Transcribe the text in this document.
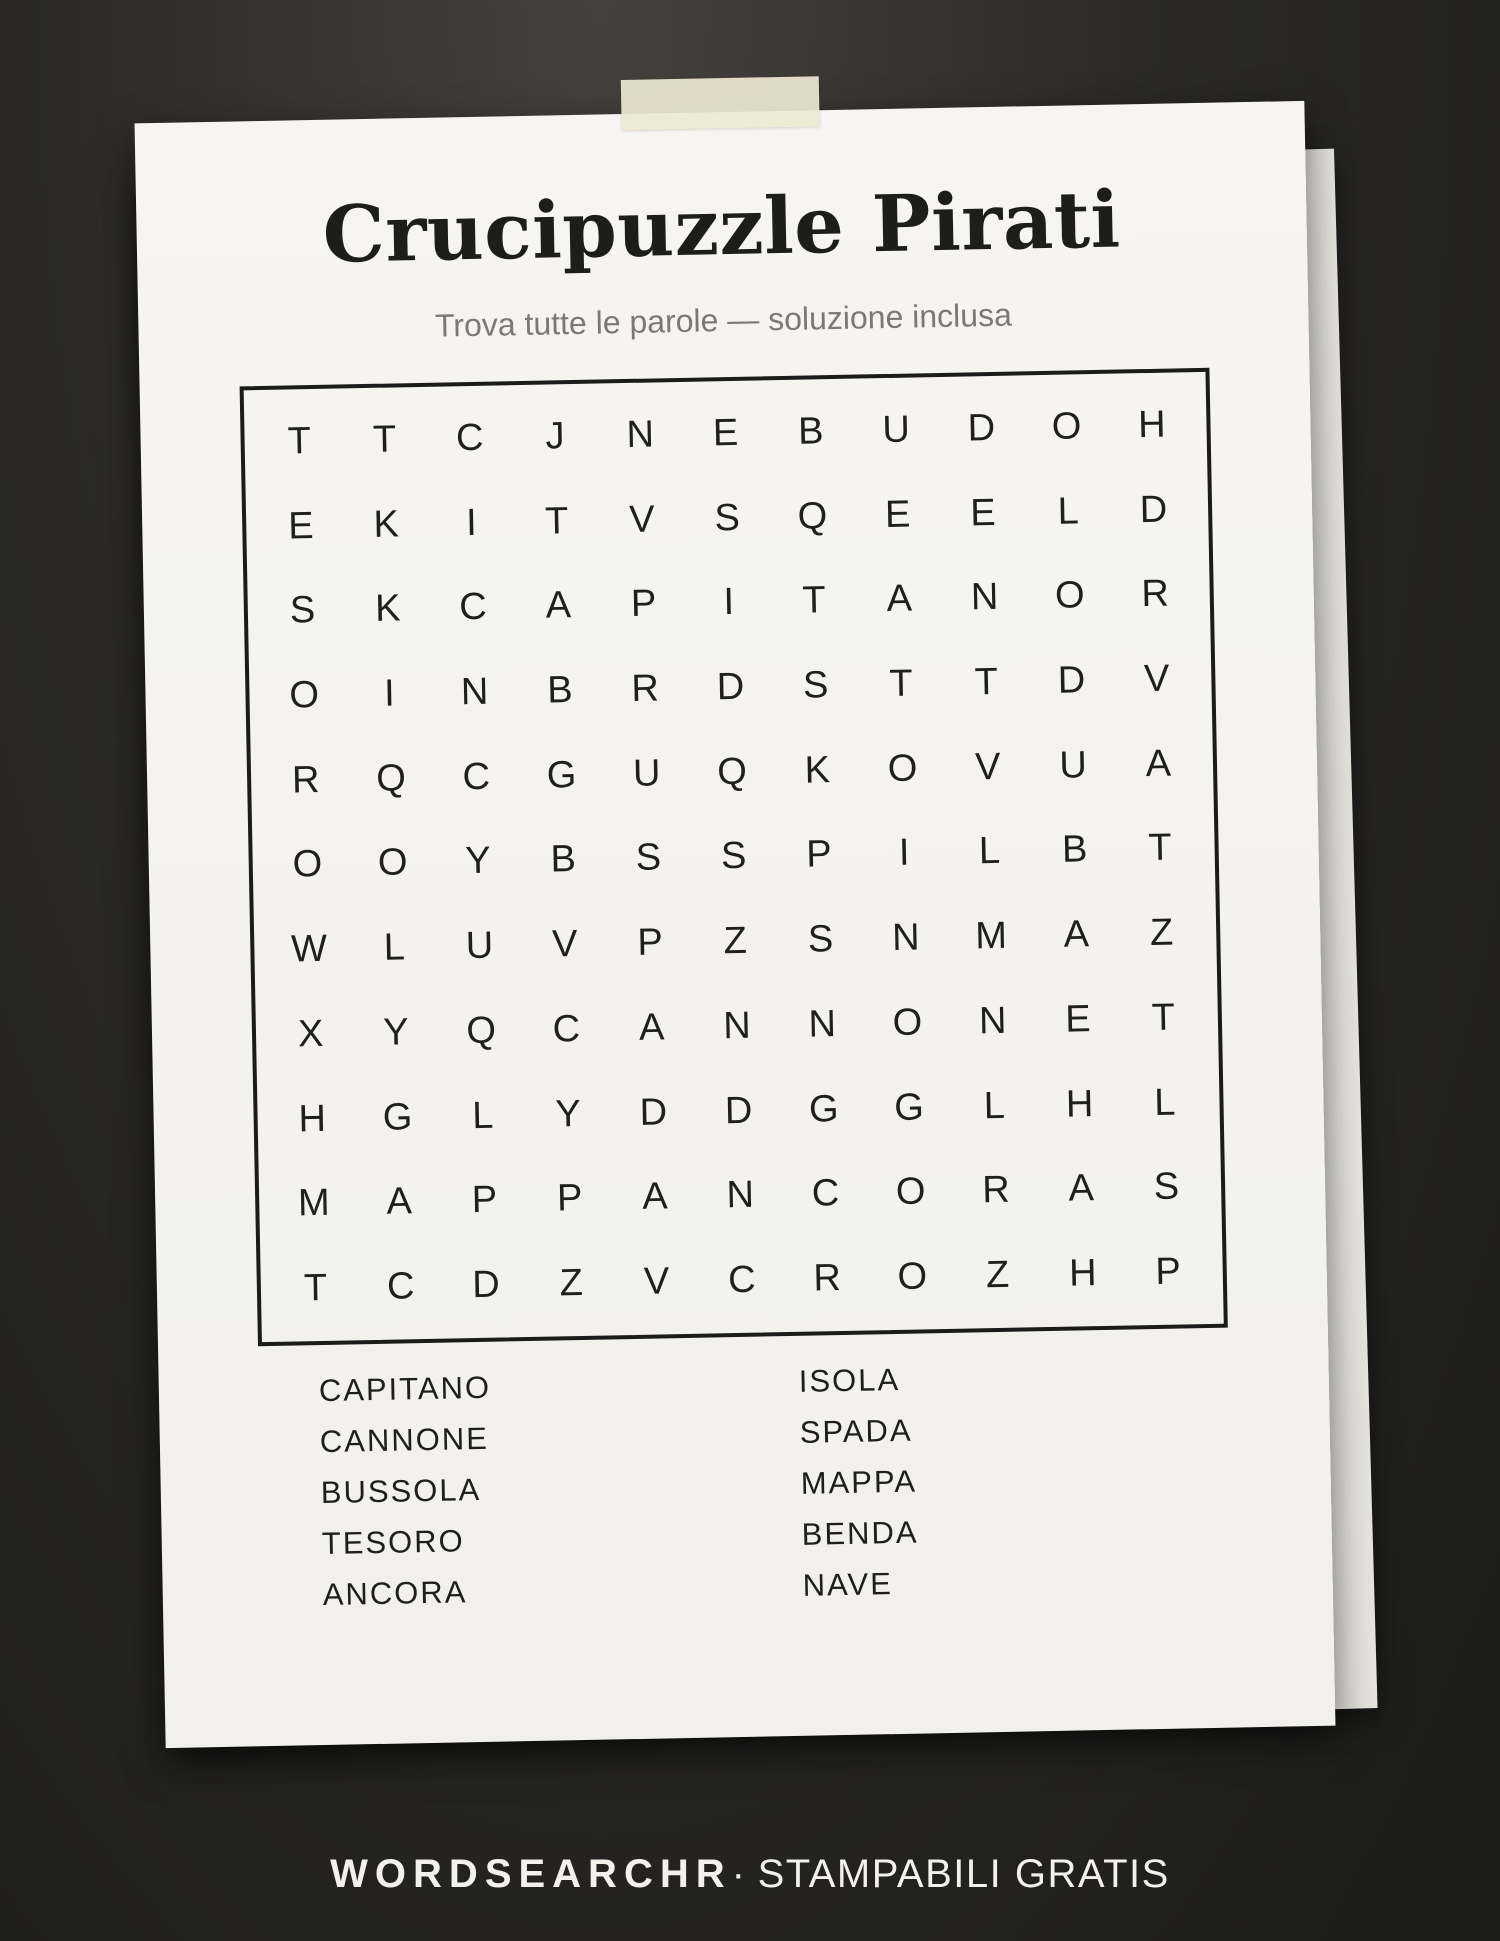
Crucipuzzle Pirati
Trova tutte le parole — soluzione inclusa
T	T	C	J	N	E	B	U	D	O	H
E	K	I	T	V	S	Q	E	E	L	D
S	K	C	A	P	I	T	A	N	O	R
O	I	N	B	R	D	S	T	T	D	V
R	Q	C	G	U	Q	K	O	V	U	A
O	O	Y	B	S	S	P	I	L	B	T
W	L	U	V	P	Z	S	N	M	A	Z
X	Y	Q	C	A	N	N	O	N	E	T
H	G	L	Y	D	D	G	G	L	H	L
M	A	P	P	A	N	C	O	R	A	S
T	C	D	Z	V	C	R	O	Z	H	P
CAPITANO
CANNONE
BUSSOLA
TESORO
ANCORA
ISOLA
SPADA
MAPPA
BENDA
NAVE
WORDSEARCHR· STAMPABILI GRATIS
